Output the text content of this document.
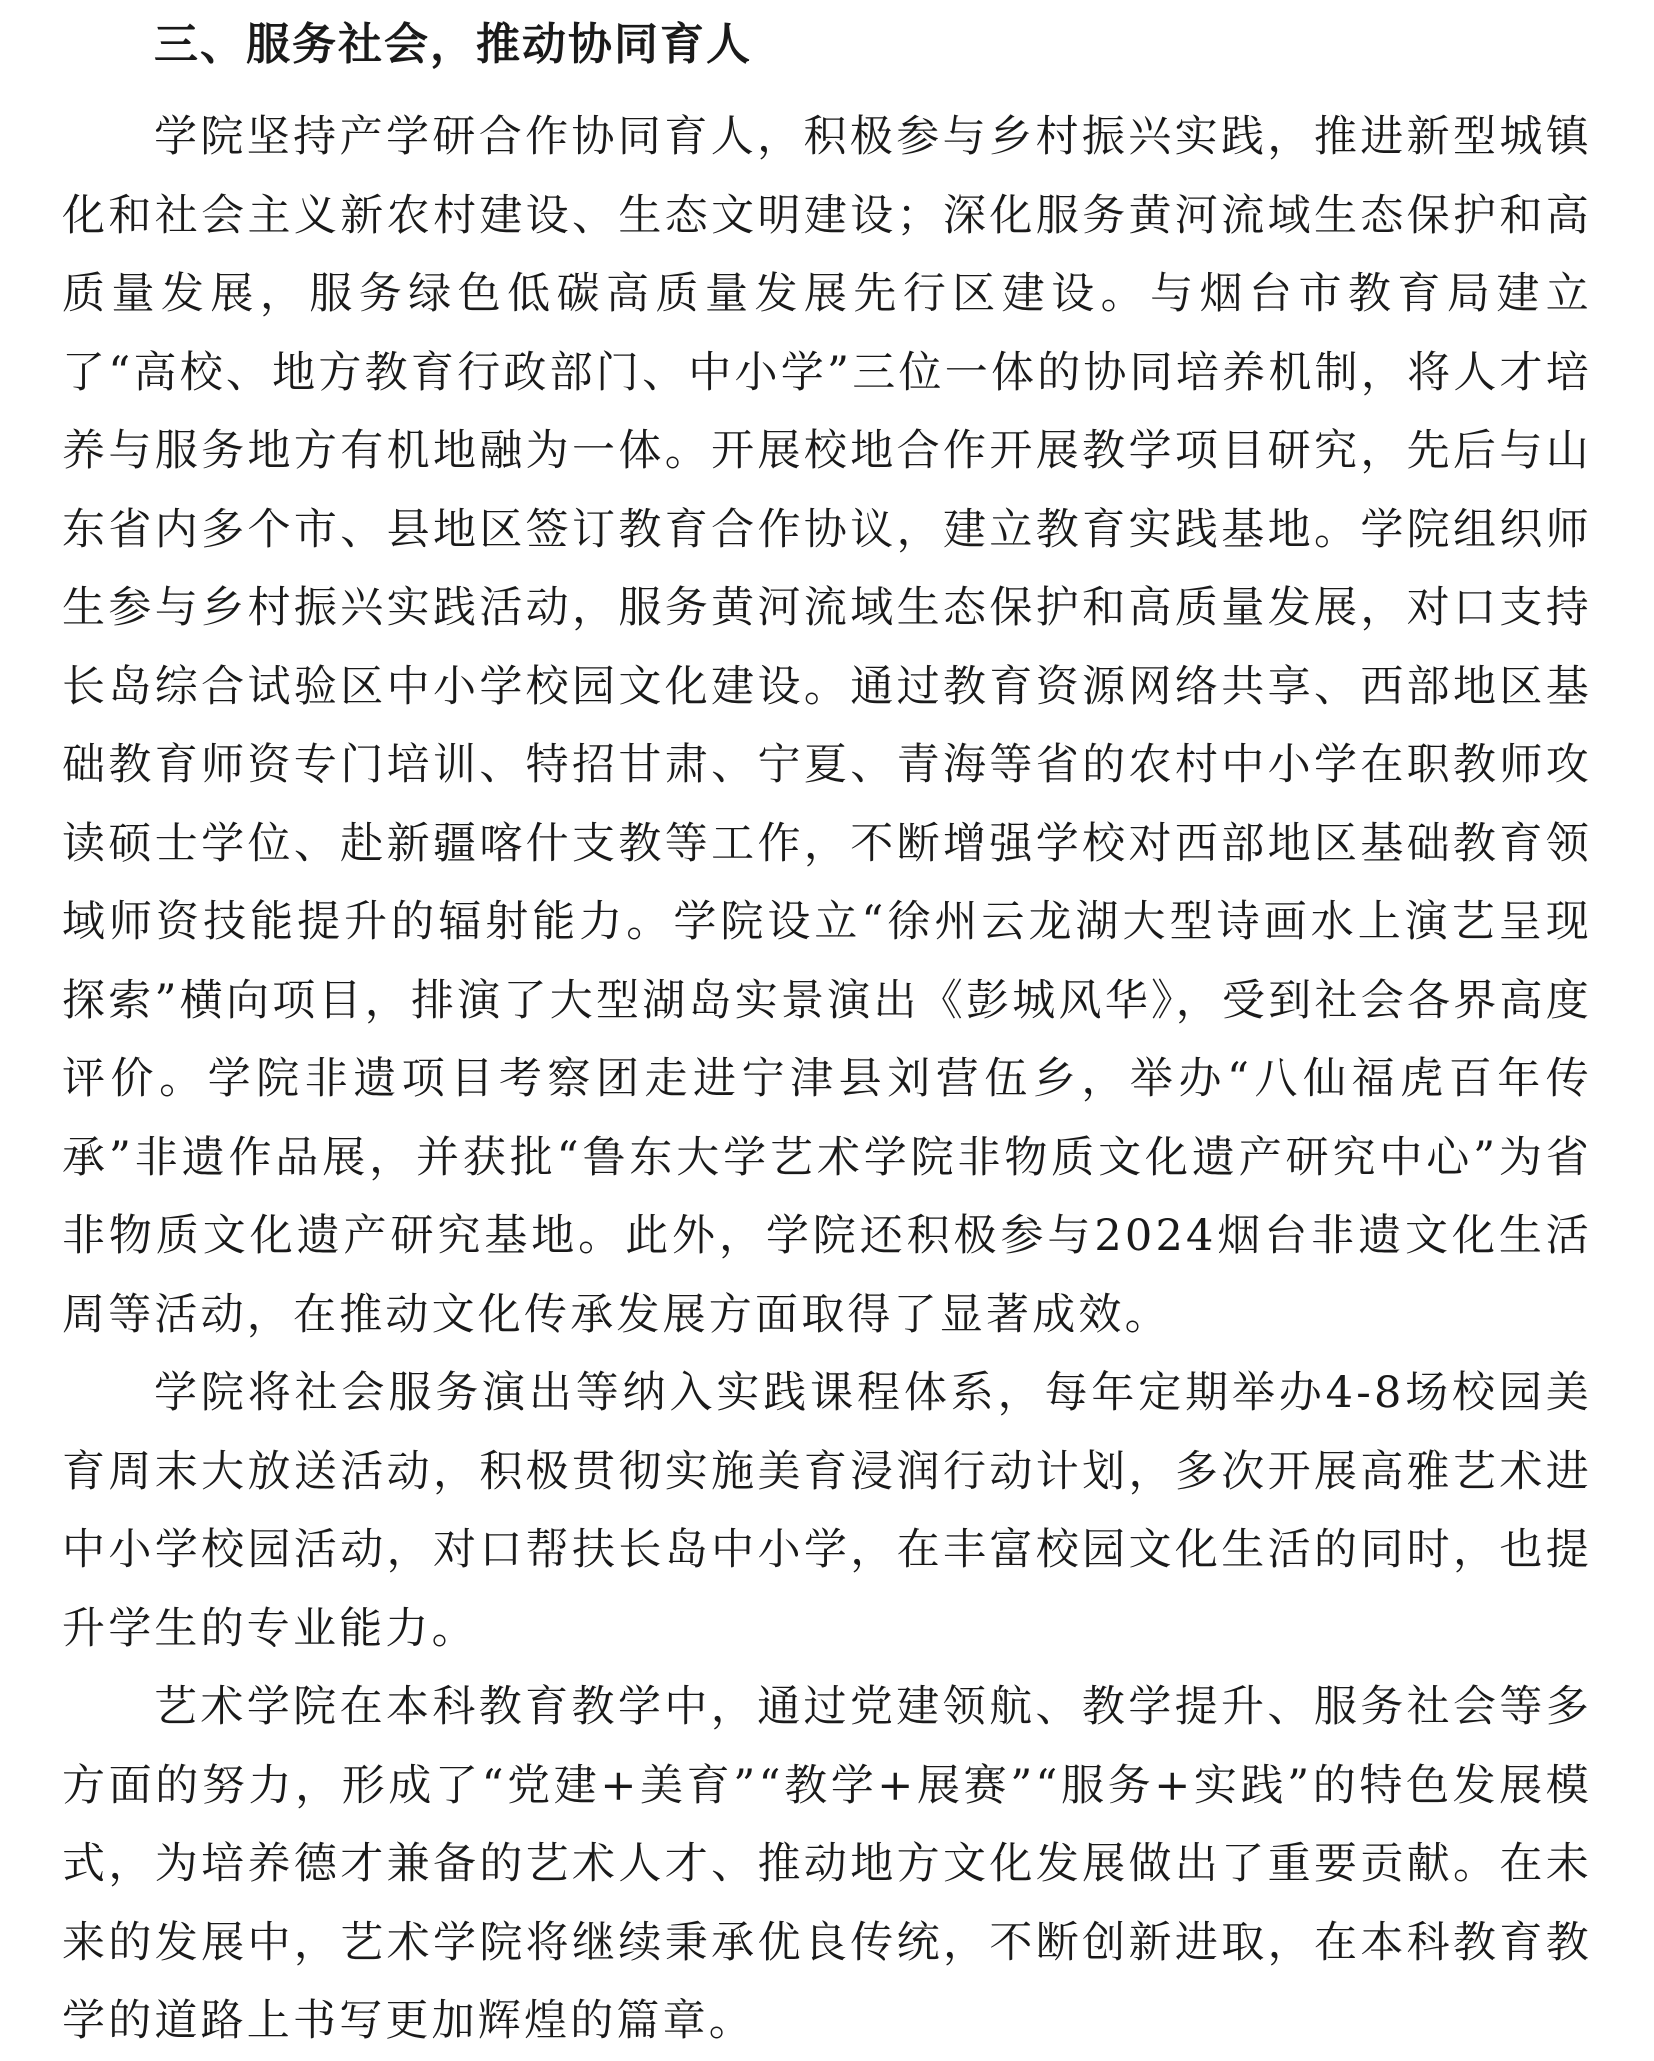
三、服务社会，推动协同育人

学院坚持产学研合作协同育人，积极参与乡村振兴实践，推进新型城镇化和社会主义新农村建设、生态文明建设；深化服务黄河流域生态保护和高质量发展，服务绿色低碳高质量发展先行区建设。与烟台市教育局建立了“高校、地方教育行政部门、中小学”三位一体的协同培养机制，将人才培养与服务地方有机地融为一体。开展校地合作开展教学项目研究，先后与山东省内多个市、县地区签订教育合作协议，建立教育实践基地。学院组织师生参与乡村振兴实践活动，服务黄河流域生态保护和高质量发展，对口支持长岛综合试验区中小学校园文化建设。通过教育资源网络共享、西部地区基础教育师资专门培训、特招甘肃、宁夏、青海等省的农村中小学在职教师攻读硕士学位、赴新疆喀什支教等工作，不断增强学校对西部地区基础教育领域师资技能提升的辐射能力。学院设立“徐州云龙湖大型诗画水上演艺呈现探索”横向项目，排演了大型湖岛实景演出《彭城风华》，受到社会各界高度评价。学院非遗项目考察团走进宁津县刘营伍乡，举办“八仙福虎百年传承”非遗作品展，并获批“鲁东大学艺术学院非物质文化遗产研究中心”为省非物质文化遗产研究基地。此外，学院还积极参与2024烟台非遗文化生活周等活动，在推动文化传承发展方面取得了显著成效。

学院将社会服务演出等纳入实践课程体系，每年定期举办4-8场校园美育周末大放送活动，积极贯彻实施美育浸润行动计划，多次开展高雅艺术进中小学校园活动，对口帮扶长岛中小学，在丰富校园文化生活的同时，也提升学生的专业能力。

艺术学院在本科教育教学中，通过党建领航、教学提升、服务社会等多方面的努力，形成了“党建+美育”“教学+展赛”“服务+实践”的特色发展模式，为培养德才兼备的艺术人才、推动地方文化发展做出了重要贡献。在未来的发展中，艺术学院将继续秉承优良传统，不断创新进取，在本科教育教学的道路上书写更加辉煌的篇章。
